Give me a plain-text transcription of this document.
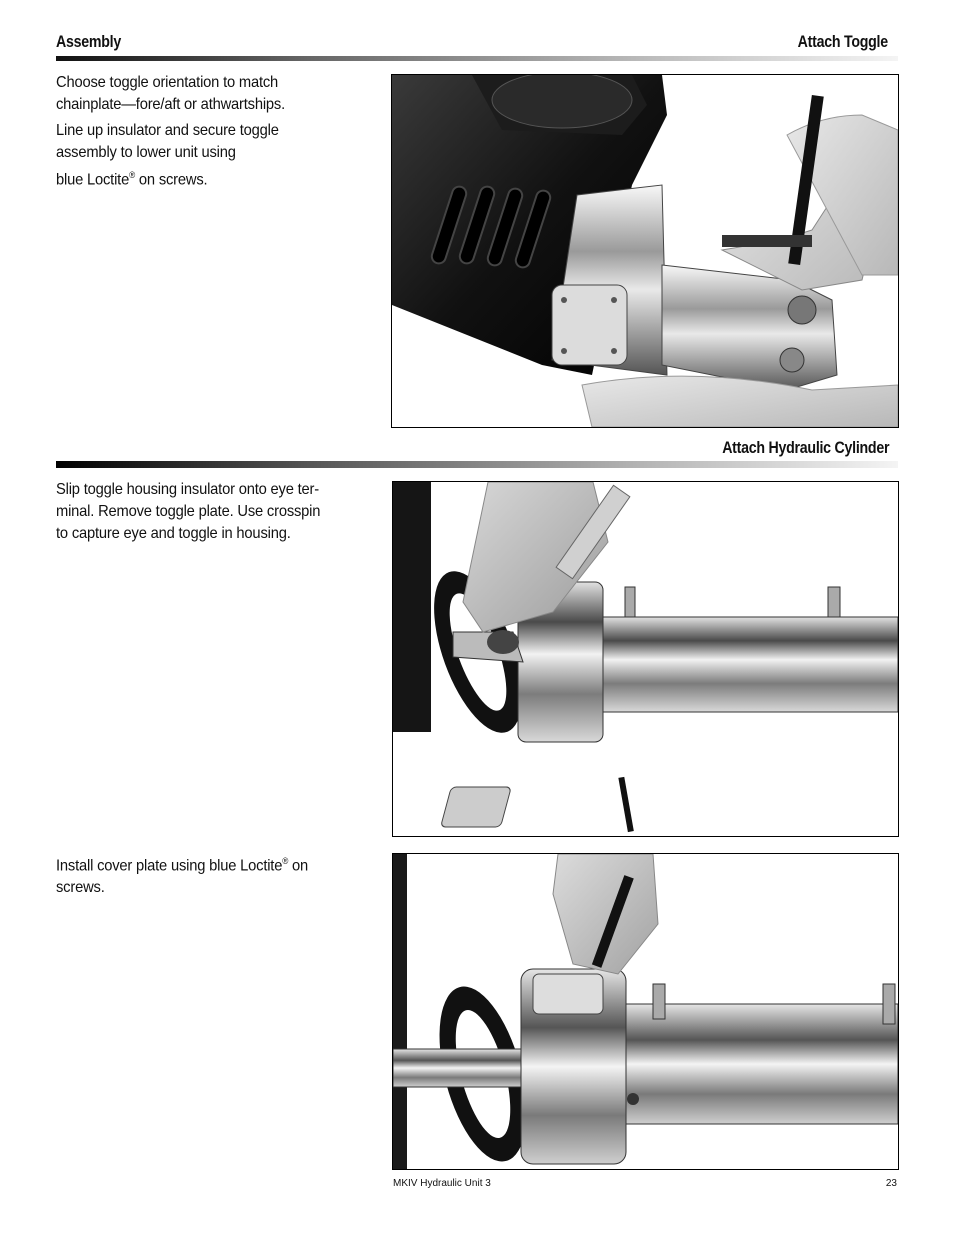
Assembly	Attach Toggle

Choose toggle orientation to match
chainplate—fore/aft or athwartships.

Line up insulator and secure toggle
assembly to lower unit using
blue Loctite® on screws.

Attach Hydraulic Cylinder
Slip toggle housing insulator onto eye ter-
minal. Remove toggle plate. Use crosspin
to capture eye and toggle in housing.
Install cover plate using blue Loctite® on
screws.
MKIV Hydraulic Unit 3	23
